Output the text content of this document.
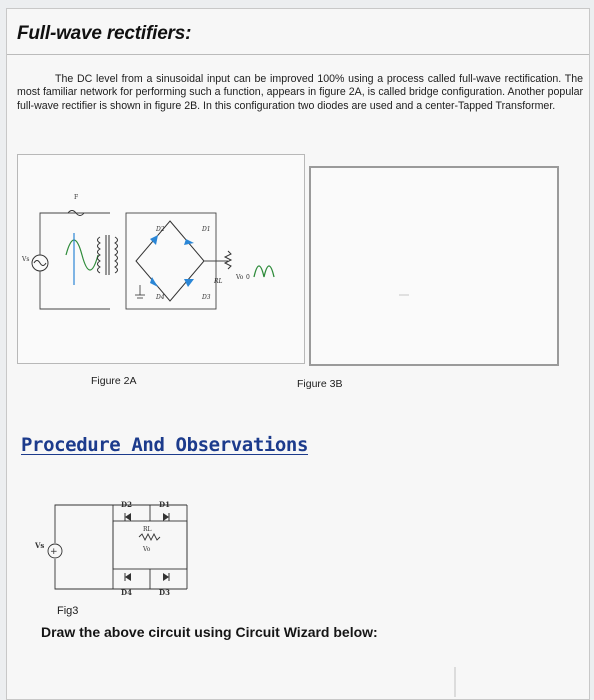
Full-wave rectifiers:

The DC level from a sinusoidal input can be improved 100% using a process called full-wave rectification. The most familiar network for performing such a function, appears in figure 2A, is called bridge configuration. Another popular full-wave rectifier is shown in figure 2B. In this configuration two diodes are used and a center-Tapped Transformer.

Vs
F
D2	D1
D4	D3
RL
Vo 0
Figure 2A	Figure 3B
Procedure And Observations
+
Vs
D2	D1
D4	D3
RL
Vo
Fig3
Draw the above circuit using Circuit Wizard below:
